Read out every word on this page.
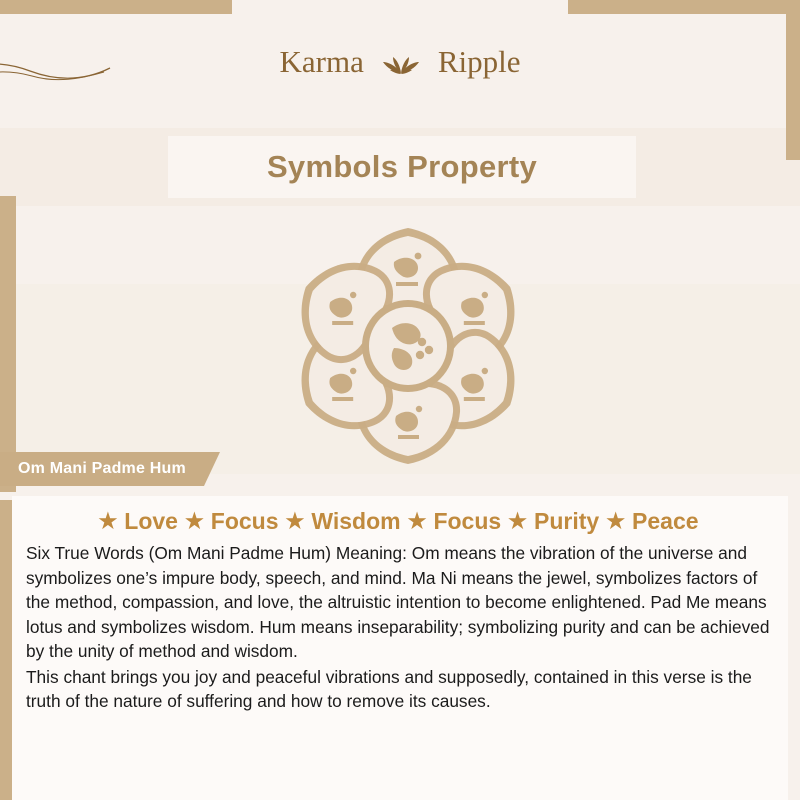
Karma Ripple
Symbols Property
Om Mani Padme Hum
★ Love ★ Focus ★ Wisdom ★ Focus ★ Purity ★ Peace

Six True Words (Om Mani Padme Hum) Meaning: Om means the vibration of the universe and symbolizes one’s impure body, speech, and mind. Ma Ni means the jewel, symbolizes factors of the method, compassion, and love, the altruistic intention to become enlightened. Pad Me means lotus and symbolizes wisdom. Hum means inseparability; symbolizing purity and can be achieved by the unity of method and wisdom.

This chant brings you joy and peaceful vibrations and supposedly, contained in this verse is the truth of the nature of suffering and how to remove its causes.
